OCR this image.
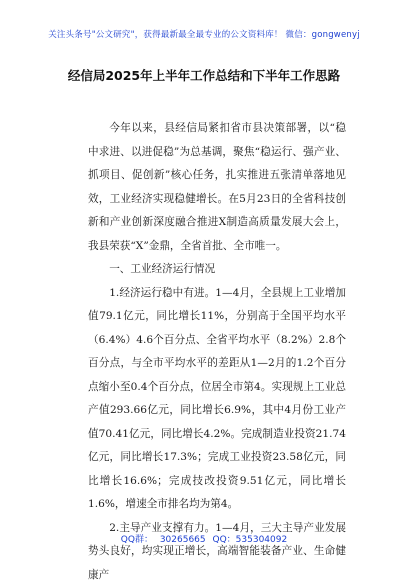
关注头条号"公文研究"，获得最新最全最专业的公文资料库！ 微信：gongwenyj
经信局2025年上半年工作总结和下半年工作思路

今年以来，县经信局紧扣省市县决策部署，以“稳中求进、以进促稳”为总基调，聚焦“稳运行、强产业、抓项目、促创新”核心任务，扎实推进五张清单落地见效，工业经济实现稳健增长。在5月23日的全省科技创新和产业创新深度融合推进X制造高质量发展大会上，我县荣获“X”金鼎，全省首批、全市唯一。

一、工业经济运行情况

1.经济运行稳中有进。1—4月，全县规上工业增加值79.1亿元，同比增长11%，分别高于全国平均水平（6.4%）4.6个百分点、全省平均水平（8.2%）2.8个百分点，与全市平均水平的差距从1—2月的1.2个百分点缩小至0.4个百分点，位居全市第4。实现规上工业总产值293.66亿元，同比增长6.9%，其中4月份工业产值70.41亿元，同比增长4.2%。完成制造业投资21.74亿元，同比增长17.3%；完成工业投资23.58亿元，同比增长16.6%；完成技改投资9.51亿元，同比增长1.6%，增速全市排名均为第4。

2.主导产业支撑有力。1—4月，三大主导产业发展势头良好，均实现正增长，高端智能装备产业、生命健康产

QQ群： 30265665 QQ：535304092
